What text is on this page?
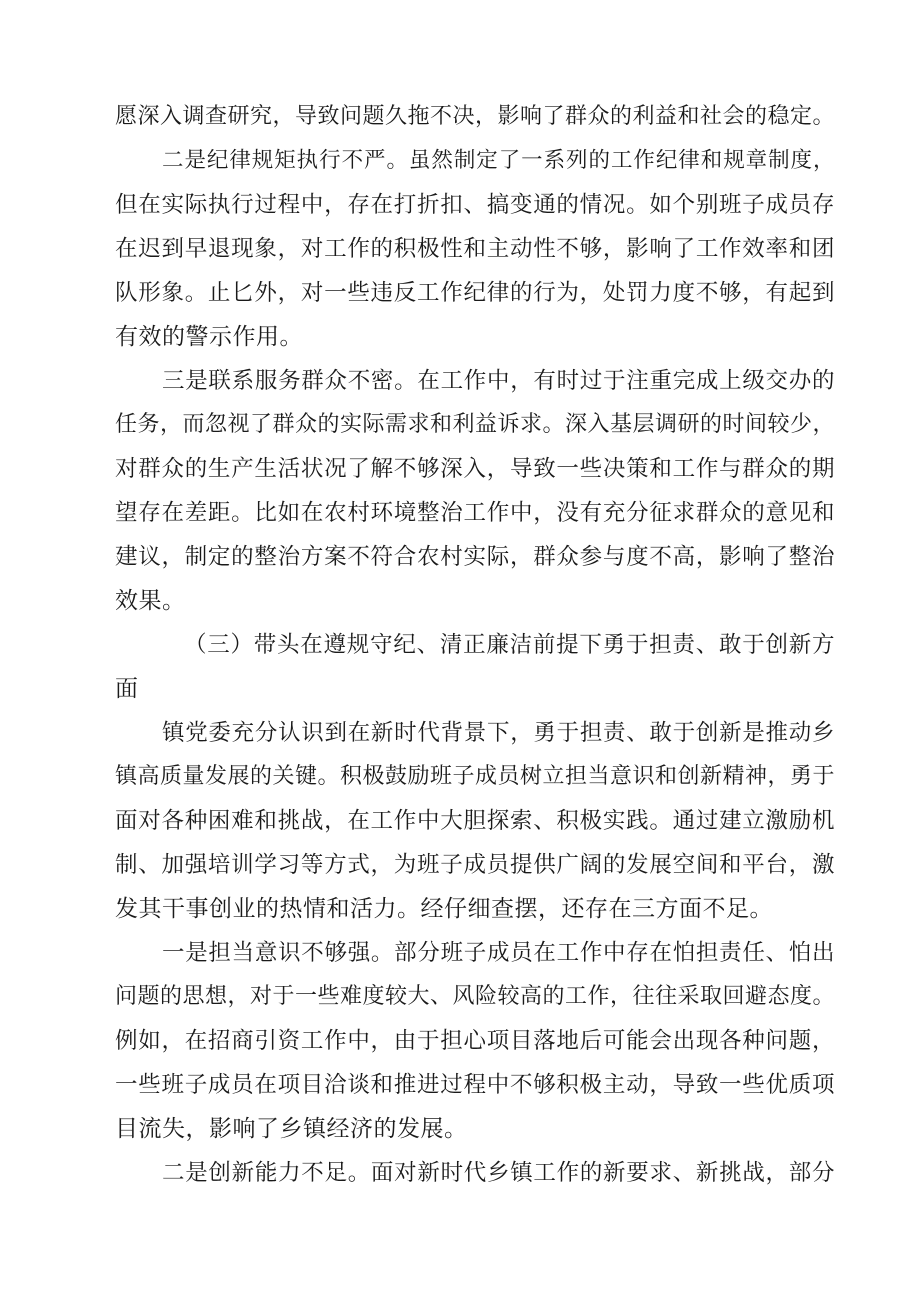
愿深入调查研究，导致问题久拖不决，影响了群众的利益和社会的稳定。
二是纪律规矩执行不严。虽然制定了一系列的工作纪律和规章制度，
但在实际执行过程中，存在打折扣、搞变通的情况。如个别班子成员存
在迟到早退现象，对工作的积极性和主动性不够，影响了工作效率和团
队形象。止匕外，对一些违反工作纪律的行为，处罚力度不够，有起到
有效的警示作用。
三是联系服务群众不密。在工作中，有时过于注重完成上级交办的
任务，而忽视了群众的实际需求和利益诉求。深入基层调研的时间较少，
对群众的生产生活状况了解不够深入，导致一些决策和工作与群众的期
望存在差距。比如在农村环境整治工作中，没有充分征求群众的意见和
建议，制定的整治方案不符合农村实际，群众参与度不高，影响了整治
效果。
（三）带头在遵规守纪、清正廉洁前提下勇于担责、敢于创新方
面
镇党委充分认识到在新时代背景下，勇于担责、敢于创新是推动乡
镇高质量发展的关键。积极鼓励班子成员树立担当意识和创新精神，勇于
面对各种困难和挑战，在工作中大胆探索、积极实践。通过建立激励机
制、加强培训学习等方式，为班子成员提供广阔的发展空间和平台，激
发其干事创业的热情和活力。经仔细查摆，还存在三方面不足。
一是担当意识不够强。部分班子成员在工作中存在怕担责任、怕出
问题的思想，对于一些难度较大、风险较高的工作，往往采取回避态度。
例如，在招商引资工作中，由于担心项目落地后可能会出现各种问题，
一些班子成员在项目洽谈和推进过程中不够积极主动，导致一些优质项
目流失，影响了乡镇经济的发展。
二是创新能力不足。面对新时代乡镇工作的新要求、新挑战，部分
